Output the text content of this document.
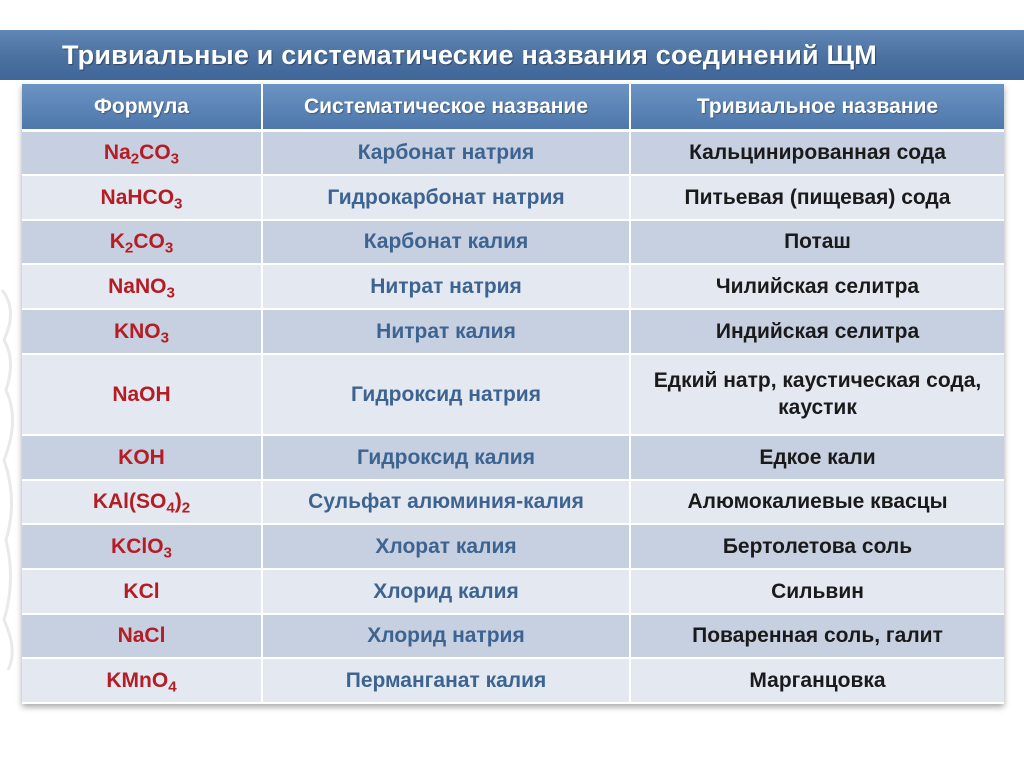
Тривиальные и систематические названия соединений ЩМ
Формула	Систематическое название	Тривиальное название
$Na_2CO_3$	Карбонат натрия	Кальцинированная сода
NaHCO$_3$	Гидрокарбонат натрия	Питьевая (пищевая) сода
$K_2CO_3$	Карбонат калия	Поташ
NaNO$_3$	Нитрат натрия	Чилийская селитра
$KNO_3$	Нитрат калия	Индийская селитра
NaOH	Гидроксид натрия	Едкий натр, каустическая сода, каустик
KOH	Гидроксид калия	Едкое кали
$KAl(SO_4)_2$	Сульфат алюминия-калия	Алюмокалиевые квасцы
KClO$_3$	Хлорат калия	Бертолетова соль
KCl	Хлорид калия	Сильвин
NaCl	Хлорид натрия	Поваренная соль, галит
KMnO$_4$	Перманганат калия	Марганцовка
